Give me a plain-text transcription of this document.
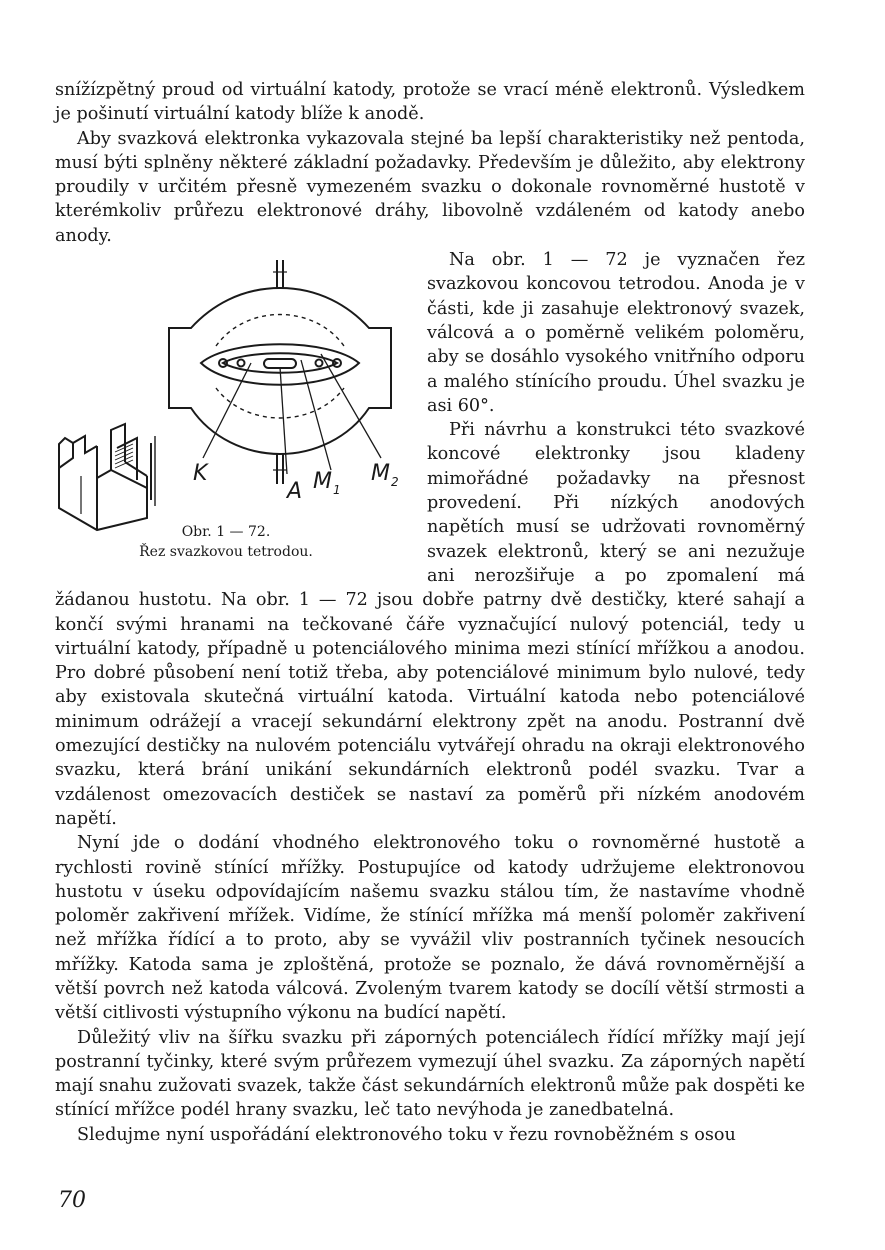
snížízpětný proud od virtuální katody, protože se vrací méně elektronů. Výsledkem je pošinutí virtuální katody blíže k anodě.

Aby svazková elektronka vykazovala stejné ba lepší charakteristiky než pentoda, musí býti splněny některé základní požadavky. Především je důležito, aby elektrony proudily v určitém přesně vymezeném svazku o dokonale rovnoměrné hustotě v kterémkoliv průřezu elektronové dráhy, libovolně vzdáleném od katody anebo anody.

K
A M 1
M 2
Obr. 1 — 72.
Řez svazkovou tetrodou.

Na obr. 1 — 72 je vyznačen řez svazkovou koncovou tetrodou. Anoda je v části, kde ji zasahuje elektronový svazek, válcová a o poměrně velikém poloměru, aby se dosáhlo vysokého vnitřního odporu a malého stínícího proudu. Úhel svazku je asi 60°.

Při návrhu a konstrukci této svazkové koncové elektronky jsou kladeny mimořádné požadavky na přesnost provedení. Při nízkých anodových napětích musí se udržovati rovnoměrný svazek elektronů, který se ani nezužuje ani nerozšiřuje a po zpomalení má žádanou hustotu. Na obr. 1 — 72 jsou dobře patrny dvě destičky, které sahají a končí svými hranami na tečkované čáře vyznačující nulový potenciál, tedy u virtuální katody, případně u potenciálového minima mezi stínící mřížkou a anodou. Pro dobré působení není totiž třeba, aby potenciálové minimum bylo nulové, tedy aby existovala skutečná virtuální katoda. Virtuální katoda nebo potenciálové minimum odrážejí a vracejí sekundární elektrony zpět na anodu. Postranní dvě omezující destičky na nulovém potenciálu vytvářejí ohradu na okraji elektronového svazku, která brání unikání sekundárních elektronů podél svazku. Tvar a vzdálenost omezovacích destiček se nastaví za poměrů při nízkém anodovém napětí.

Nyní jde o dodání vhodného elektronového toku o rovnoměrné hustotě a rychlosti rovině stínící mřížky. Postupujíce od katody udržujeme elektronovou hustotu v úseku odpovídajícím našemu svazku stálou tím, že nastavíme vhodně poloměr zakřivení mřížek. Vidíme, že stínící mřížka má menší poloměr zakřivení než mřížka řídící a to proto, aby se vyvážil vliv postranních tyčinek nesoucích mřížky. Katoda sama je zploštěná, protože se poznalo, že dává rovnoměrnější a větší povrch než katoda válcová. Zvoleným tvarem katody se docílí větší strmosti a větší citlivosti výstupního výkonu na budící napětí.

Důležitý vliv na šířku svazku při záporných potenciálech řídící mřížky mají její postranní tyčinky, které svým průřezem vymezují úhel svazku. Za záporných napětí mají snahu zužovati svazek, takže část sekundárních elektronů může pak dospěti ke stínící mřížce podél hrany svazku, leč tato nevýhoda je zanedbatelná.

Sledujme nyní uspořádání elektronového toku v řezu rovnoběžném s osou

70
